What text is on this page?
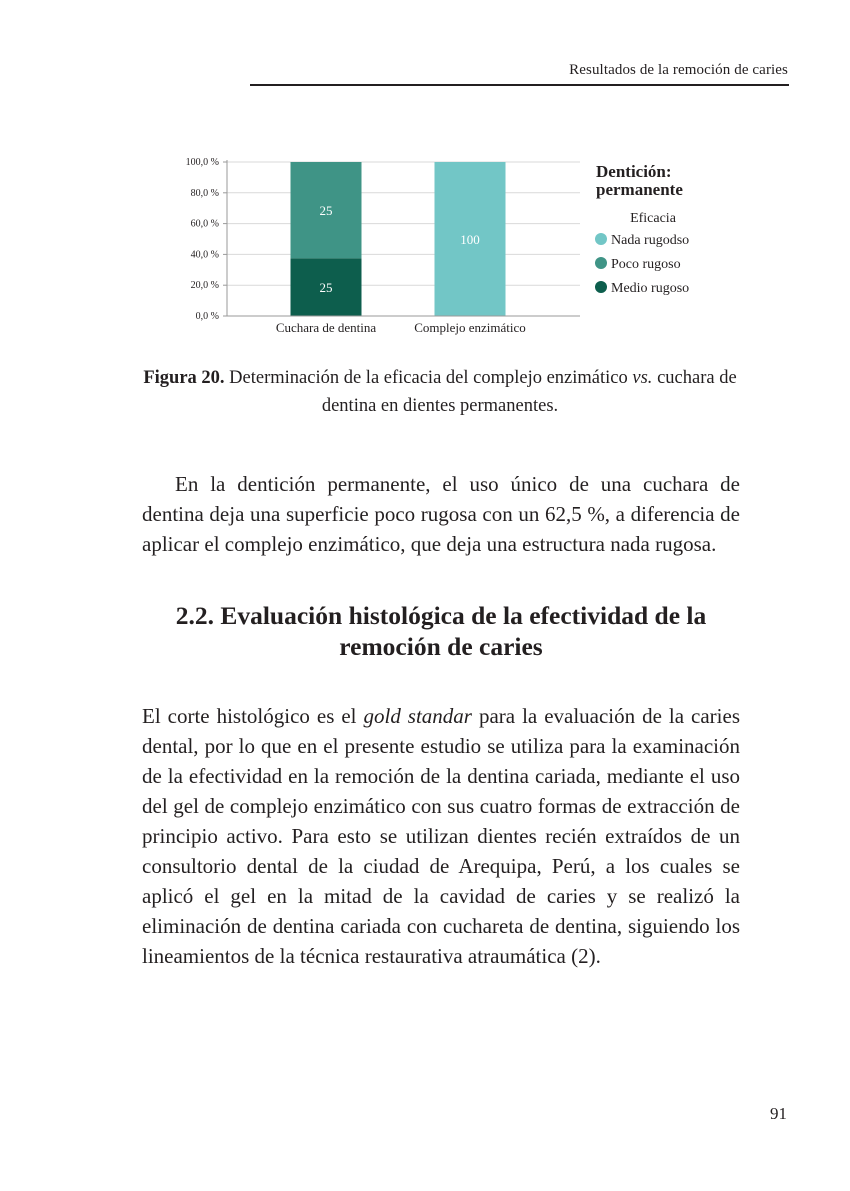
Resultados de la remoción de caries
25
25
100
100,0 %
80,0 %
60,0 %
40,0 %
20,0 %
0,0 %
Cuchara de dentina	Complejo enzimático
Dentición:
permanente
Eficacia
Nada rugodso
Poco rugoso
Medio rugoso
Figura 20. Determinación de la eficacia del complejo enzimático vs. cuchara de dentina en dientes permanentes.

En la dentición permanente, el uso único de una cuchara de dentina deja una superficie poco rugosa con un 62,5 %, a diferencia de aplicar el complejo enzimático, que deja una estructura nada rugosa.

2.2. Evaluación histológica de la efectividad de la remoción de caries

El corte histológico es el gold standar para la evaluación de la caries dental, por lo que en el presente estudio se utiliza para la examinación de la efectividad en la remoción de la dentina cariada, mediante el uso del gel de complejo enzimático con sus cuatro formas de extracción de principio activo. Para esto se utilizan dientes recién extraídos de un consultorio dental de la ciudad de Arequipa, Perú, a los cuales se aplicó el gel en la mitad de la cavidad de caries y se realizó la eliminación de dentina cariada con cuchareta de dentina, siguiendo los lineamientos de la técnica restaurativa atraumática (2).

91
